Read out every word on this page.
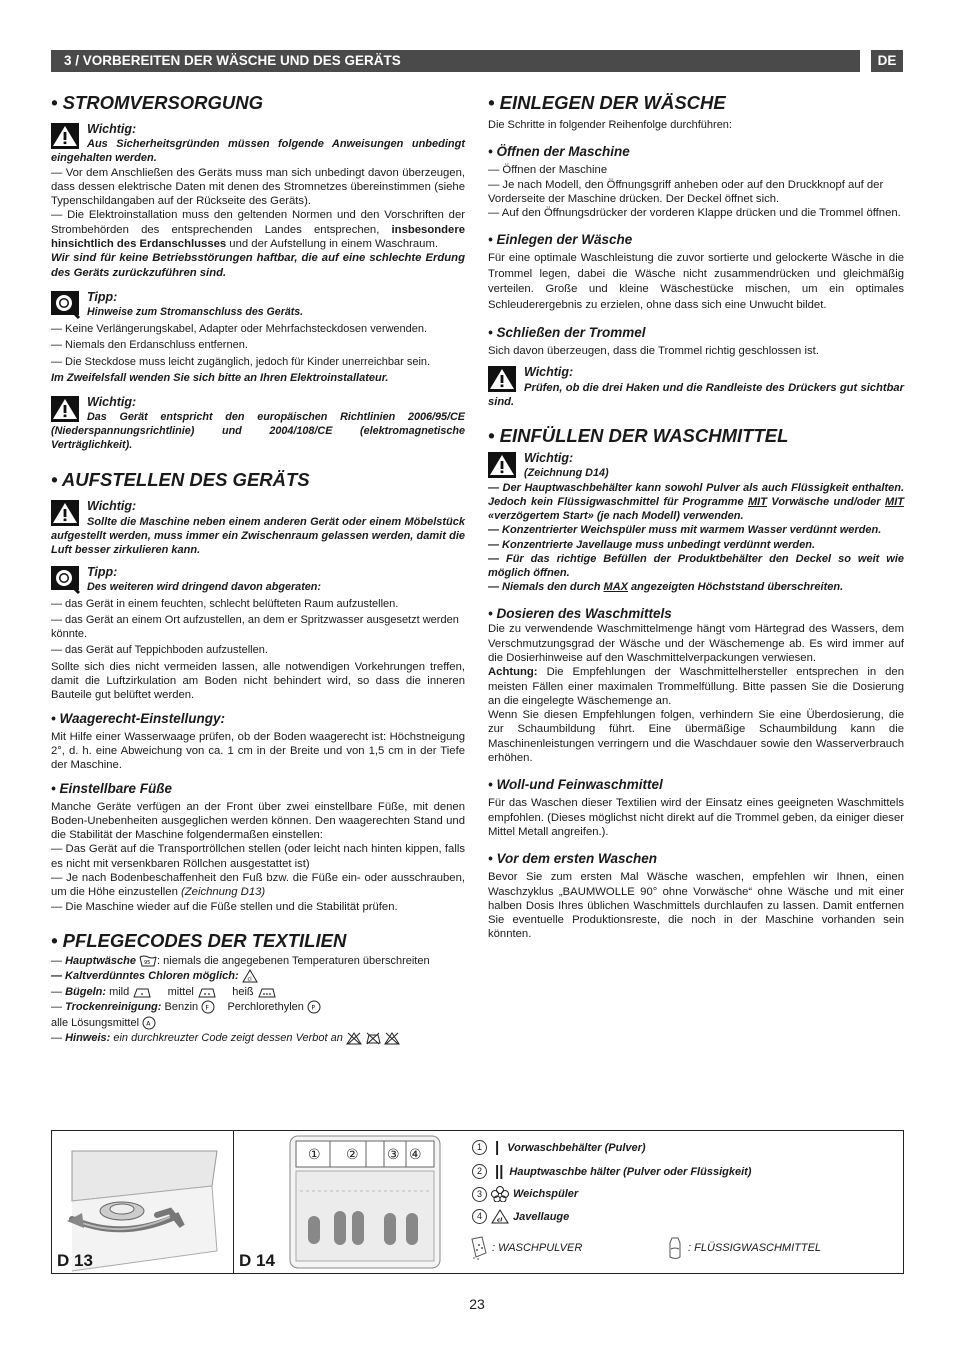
3 / VORBEREITEN DER WÄSCHE UND DES GERÄTS	DE
• STROMVERSORGUNG
Wichtig:

Aus Sicherheitsgründen müssen folgende Anweisungen unbedingt eingehalten werden.

— Vor dem Anschließen des Geräts muss man sich unbedingt davon überzeugen, dass dessen elektrische Daten mit denen des Stromnetzes übereinstimmen (siehe Typenschildangaben auf der Rückseite des Geräts).

— Die Elektroinstallation muss den geltenden Normen und den Vorschriften der Strombehörden des entsprechenden Landes entsprechen, insbesondere hinsichtlich des Erdanschlusses und der Aufstellung in einem Waschraum.

Wir sind für keine Betriebsstörungen haftbar, die auf eine schlechte Erdung des Geräts zurückzuführen sind.

Tipp:
Hinweise zum Stromanschluss des Geräts.

— Keine Verlängerungskabel, Adapter oder Mehrfachsteckdosen verwenden.

— Niemals den Erdanschluss entfernen.

— Die Steckdose muss leicht zugänglich, jedoch für Kinder unerreichbar sein.

Im Zweifelsfall wenden Sie sich bitte an Ihren Elektroinstallateur.

Wichtig:

Das Gerät entspricht den europäischen Richtlinien 2006/95/CE (Niederspannungsrichtlinie) und 2004/108/CE (elektromagnetische Verträglichkeit).

• AUFSTELLEN DES GERÄTS
Wichtig:

Sollte die Maschine neben einem anderen Gerät oder einem Möbelstück aufgestellt werden, muss immer ein Zwischenraum gelassen werden, damit die Luft besser zirkulieren kann.

Tipp:
Des weiteren wird dringend davon abgeraten:

— das Gerät in einem feuchten, schlecht belüfteten Raum aufzustellen.

— das Gerät an einem Ort aufzustellen, an dem er Spritzwasser ausgesetzt werden könnte.

— das Gerät auf Teppichboden aufzustellen.

Sollte sich dies nicht vermeiden lassen, alle notwendigen Vorkehrungen treffen, damit die Luftzirkulation am Boden nicht behindert wird, so dass die inneren Bauteile gut belüftet werden.

• Waagerecht-Einstellungy:

Mit Hilfe einer Wasserwaage prüfen, ob der Boden waagerecht ist: Höchstneigung 2°, d. h. eine Abweichung von ca. 1 cm in der Breite und von 1,5 cm in der Tiefe der Maschine.

• Einstellbare Füße

Manche Geräte verfügen an der Front über zwei einstellbare Füße, mit denen Boden-Unebenheiten ausgeglichen werden können. Den waagerechten Stand und die Stabilität der Maschine folgendermaßen einstellen:

— Das Gerät auf die Transportröllchen stellen (oder leicht nach hinten kippen, falls es nicht mit versenkbaren Röllchen ausgestattet ist)

— Je nach Bodenbeschaffenheit den Fuß bzw. die Füße ein- oder ausschrauben, um die Höhe einzustellen (Zeichnung D13)

— Die Maschine wieder auf die Füße stellen und die Stabilität prüfen.

• PFLEGECODES DER TEXTILIEN

— Hauptwäsche 95 : niemals die angegebenen Temperaturen überschreiten

— Kaltverdünntes Chloren möglich: cl

— Bügeln: mild	mittel	heiß

— Trockenreinigung: Benzin F Perchlorethylen P

alle Lösungsmittel A

— Hinweis: ein durchkreuzter Code zeigt dessen Verbot an

• EINLEGEN DER WÄSCHE

Die Schritte in folgender Reihenfolge durchführen:

• Öffnen der Maschine

— Öffnen der Maschine

— Je nach Modell, den Öffnungsgriff anheben oder auf den Druckknopf auf der Vorderseite der Maschine drücken. Der Deckel öffnet sich.

— Auf den Öffnungsdrücker der vorderen Klappe drücken und die Trommel öffnen.

• Einlegen der Wäsche

Für eine optimale Waschleistung die zuvor sortierte und gelockerte Wäsche in die Trommel legen, dabei die Wäsche nicht zusammendrücken und gleichmäßig verteilen. Große und kleine Wäschestücke mischen, um ein optimales Schleuderergebnis zu erzielen, ohne dass sich eine Unwucht bildet.

• Schließen der Trommel

Sich davon überzeugen, dass die Trommel richtig geschlossen ist.

Wichtig:

Prüfen, ob die drei Haken und die Randleiste des Drückers gut sichtbar sind.

• EINFÜLLEN DER WASCHMITTEL
Wichtig:
(Zeichnung D14)

— Der Hauptwaschbehälter kann sowohl Pulver als auch Flüssigkeit enthalten. Jedoch kein Flüssigwaschmittel für Programme MIT Vorwäsche und/oder MIT «verzögertem Start» (je nach Modell) verwenden.

— Konzentrierter Weichspüler muss mit warmem Wasser verdünnt werden.

— Konzentrierte Javellauge muss unbedingt verdünnt werden.

— Für das richtige Befüllen der Produktbehälter den Deckel so weit wie möglich öffnen.

— Niemals den durch MAX angezeigten Höchststand überschreiten.

• Dosieren des Waschmittels

Die zu verwendende Waschmittelmenge hängt vom Härtegrad des Wassers, dem Verschmutzungsgrad der Wäsche und der Wäschemenge ab. Es wird immer auf die Dosierhinweise auf den Waschmittelverpackungen verwiesen.

Achtung: Die Empfehlungen der Waschmittelhersteller entsprechen in den meisten Fällen einer maximalen Trommelfüllung. Bitte passen Sie die Dosierung an die eingelegte Wäschemenge an.

Wenn Sie diesen Empfehlungen folgen, verhindern Sie eine Überdosierung, die zur Schaumbildung führt. Eine übermäßige Schaumbildung kann die Maschinenleistungen verringern und die Waschdauer sowie den Wasserverbrauch erhöhen.

• Woll-und Feinwaschmittel

Für das Waschen dieser Textilien wird der Einsatz eines geeigneten Waschmittels empfohlen. (Dieses möglichst nicht direkt auf die Trommel geben, da einiger dieser Mittel Metall angreifen.).

• Vor dem ersten Waschen

Bevor Sie zum ersten Mal Wäsche waschen, empfehlen wir Ihnen, einen Waschzyklus „BAUMWOLLE 90° ohne Vorwäsche“ ohne Wäsche und mit einer halben Dosis Ihres üblichen Waschmittels durchlaufen zu lassen. Damit entfernen Sie eventuelle Produktionsreste, die noch in der Maschine vorhanden sein könnten.

D 13
① ② ③ ④
D 14
1 | Vorwaschbehälter (Pulver)
2 || Hauptwaschbe hälter (Pulver oder Flüssigkeit)
3	Weichspüler
4	cl Javellauge
: WASCHPULVER	: FLÜSSIGWASCHMITTEL
23
